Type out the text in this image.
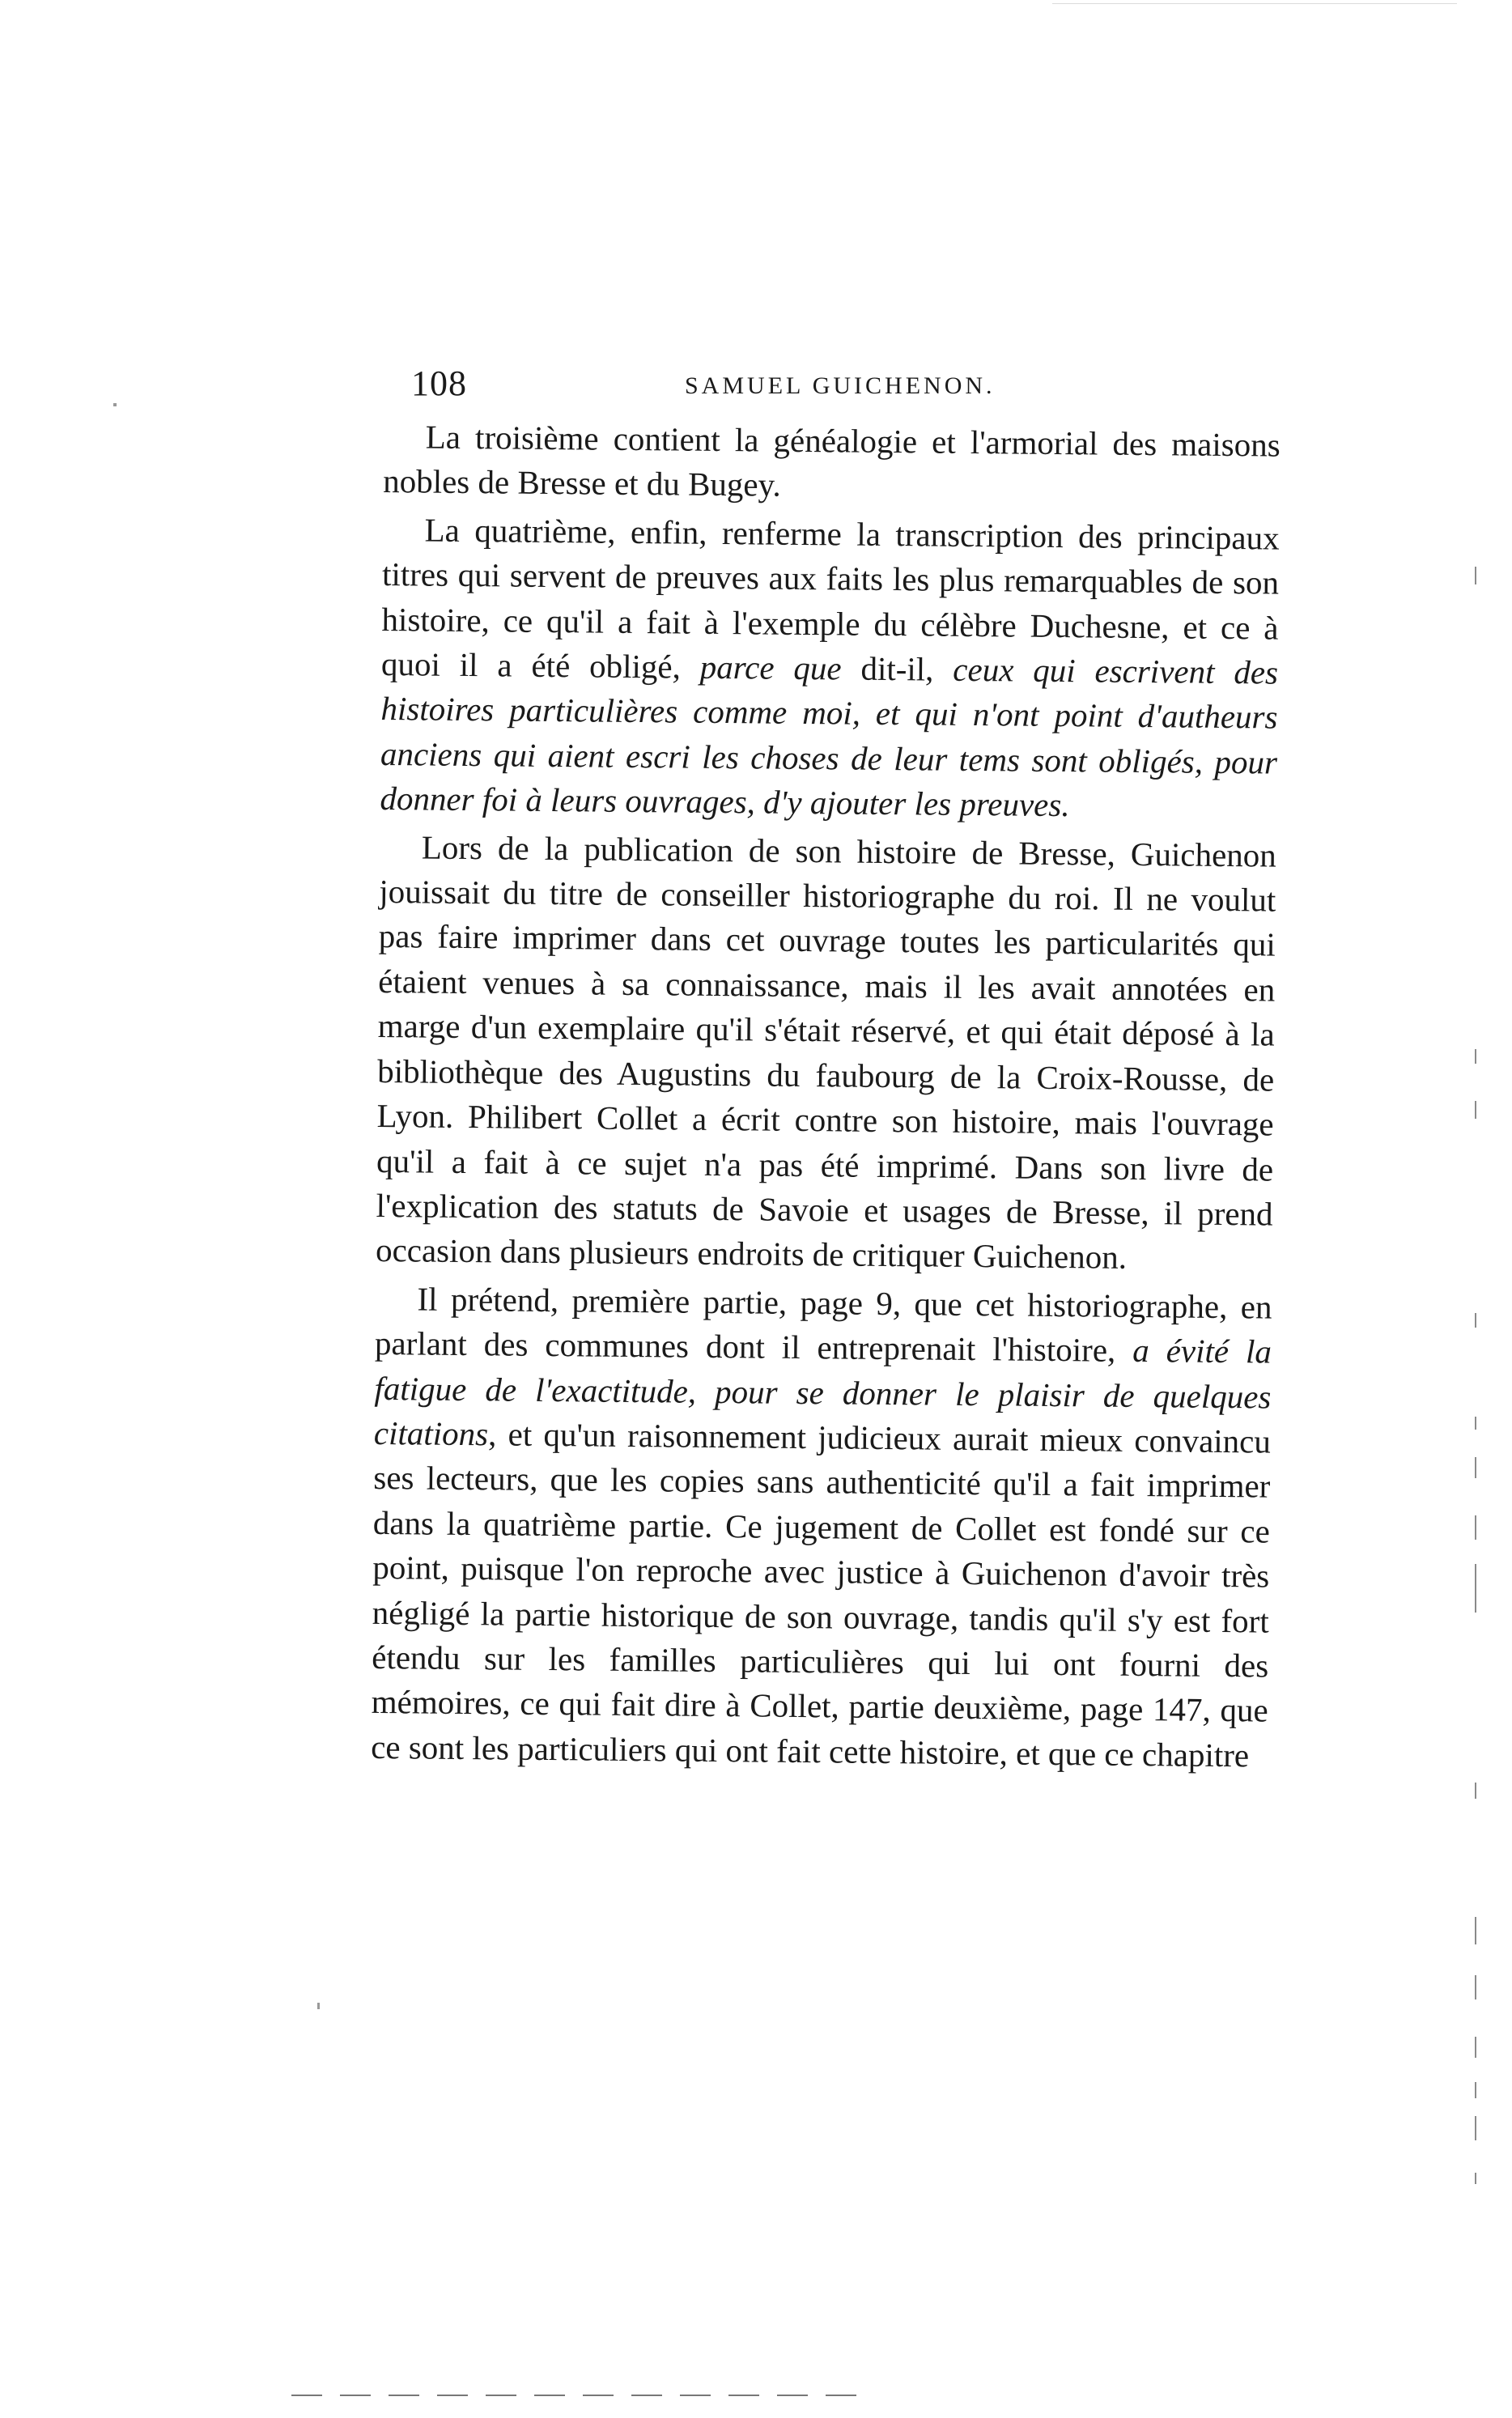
108	SAMUEL GUICHENON.

La troisième contient la généalogie et l'armorial des maisons nobles de Bresse et du Bugey.

La quatrième, enfin, renferme la transcription des principaux titres qui servent de preuves aux faits les plus remarquables de son histoire, ce qu'il a fait à l'exemple du célèbre Duchesne, et ce à quoi il a été obligé, parce que dit-il, ceux qui escrivent des histoires particulières comme moi, et qui n'ont point d'autheurs anciens qui aient escri les choses de leur tems sont obligés, pour donner foi à leurs ouvrages, d'y ajouter les preuves.

Lors de la publication de son histoire de Bresse, Guichenon jouissait du titre de conseiller historiographe du roi. Il ne voulut pas faire imprimer dans cet ouvrage toutes les particularités qui étaient venues à sa connaissance, mais il les avait annotées en marge d'un exemplaire qu'il s'était réservé, et qui était déposé à la bibliothèque des Augustins du faubourg de la Croix-Rousse, de Lyon. Philibert Collet a écrit contre son histoire, mais l'ouvrage qu'il a fait à ce sujet n'a pas été imprimé. Dans son livre de l'explication des statuts de Savoie et usages de Bresse, il prend occasion dans plusieurs endroits de critiquer Guichenon.

Il prétend, première partie, page 9, que cet historiographe, en parlant des communes dont il entreprenait l'histoire, a évité la fatigue de l'exactitude, pour se donner le plaisir de quelques citations, et qu'un raisonnement judicieux aurait mieux convaincu ses lecteurs, que les copies sans authenticité qu'il a fait imprimer dans la quatrième partie. Ce jugement de Collet est fondé sur ce point, puisque l'on reproche avec justice à Guichenon d'avoir très négligé la partie historique de son ouvrage, tandis qu'il s'y est fort étendu sur les familles particulières qui lui ont fourni des mémoires, ce qui fait dire à Collet, partie deuxième, page 147, que ce sont les particuliers qui ont fait cette histoire, et que ce chapitre
